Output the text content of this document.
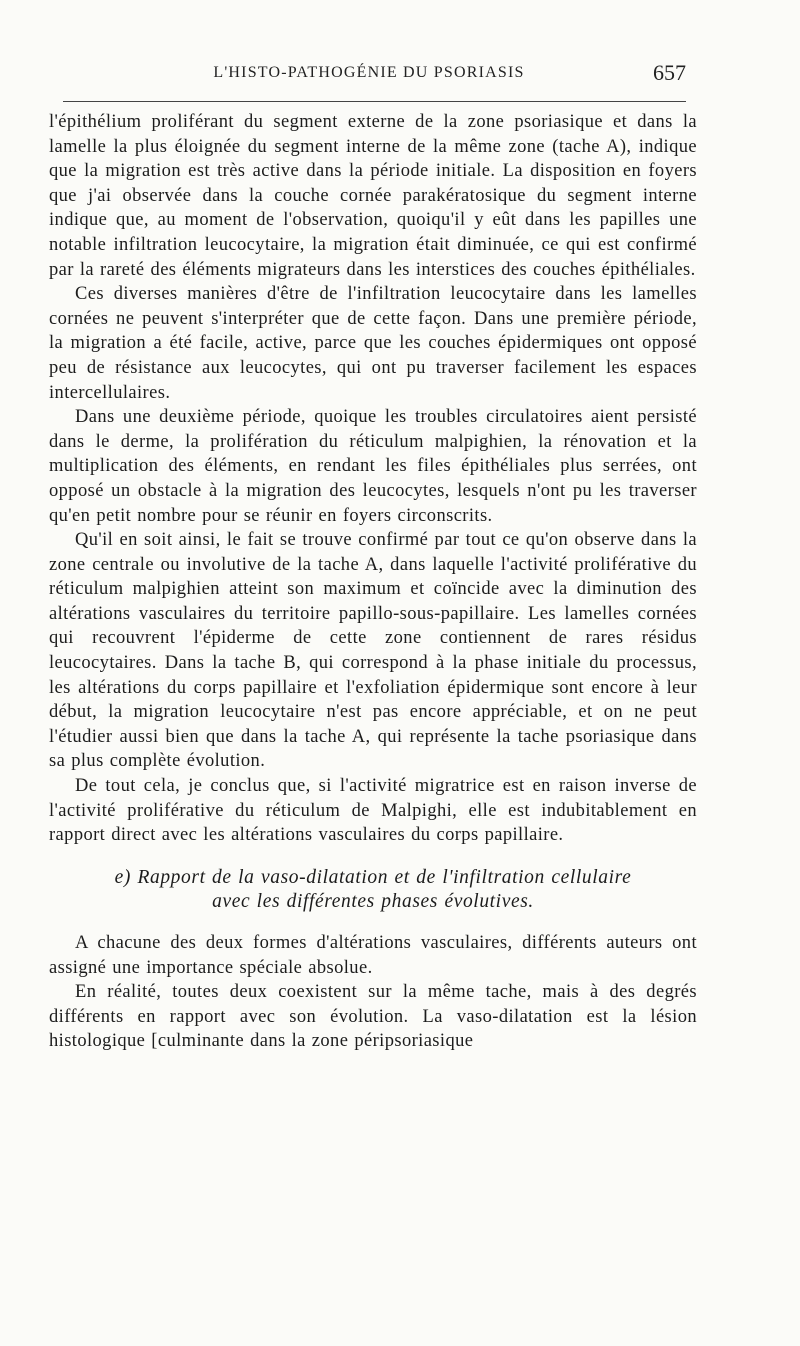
L'HISTO-PATHOGÉNIE DU PSORIASIS	657

l'épithélium proliférant du segment externe de la zone psoriasique et dans la lamelle la plus éloignée du segment interne de la même zone (tache A), indique que la migration est très active dans la période initiale. La disposition en foyers que j'ai observée dans la couche cornée parakératosique du segment interne indique que, au moment de l'observation, quoiqu'il y eût dans les papilles une notable infiltration leucocytaire, la migration était diminuée, ce qui est confirmé par la rareté des éléments migrateurs dans les interstices des couches épithéliales.

Ces diverses manières d'être de l'infiltration leucocytaire dans les lamelles cornées ne peuvent s'interpréter que de cette façon. Dans une première période, la migration a été facile, active, parce que les couches épidermiques ont opposé peu de résistance aux leucocytes, qui ont pu traverser facilement les espaces intercellulaires.

Dans une deuxième période, quoique les troubles circulatoires aient persisté dans le derme, la prolifération du réticulum malpighien, la rénovation et la multiplication des éléments, en rendant les files épithéliales plus serrées, ont opposé un obstacle à la migration des leucocytes, lesquels n'ont pu les traverser qu'en petit nombre pour se réunir en foyers circonscrits.

Qu'il en soit ainsi, le fait se trouve confirmé par tout ce qu'on observe dans la zone centrale ou involutive de la tache A, dans laquelle l'activité proliférative du réticulum malpighien atteint son maximum et coïncide avec la diminution des altérations vasculaires du territoire papillo-sous-papillaire. Les lamelles cornées qui recouvrent l'épiderme de cette zone contiennent de rares résidus leucocytaires. Dans la tache B, qui correspond à la phase initiale du processus, les altérations du corps papillaire et l'exfoliation épidermique sont encore à leur début, la migration leucocytaire n'est pas encore appréciable, et on ne peut l'étudier aussi bien que dans la tache A, qui représente la tache psoriasique dans sa plus complète évolution.

De tout cela, je conclus que, si l'activité migratrice est en raison inverse de l'activité proliférative du réticulum de Malpighi, elle est indubitablement en rapport direct avec les altérations vasculaires du corps papillaire.

e) Rapport de la vaso-dilatation et de l'infiltration cellulaire
avec les différentes phases évolutives.

A chacune des deux formes d'altérations vasculaires, différents auteurs ont assigné une importance spéciale absolue.

En réalité, toutes deux coexistent sur la même tache, mais à des degrés différents en rapport avec son évolution. La vaso-dilatation est la lésion histologique [culminante dans la zone péripsoriasique
